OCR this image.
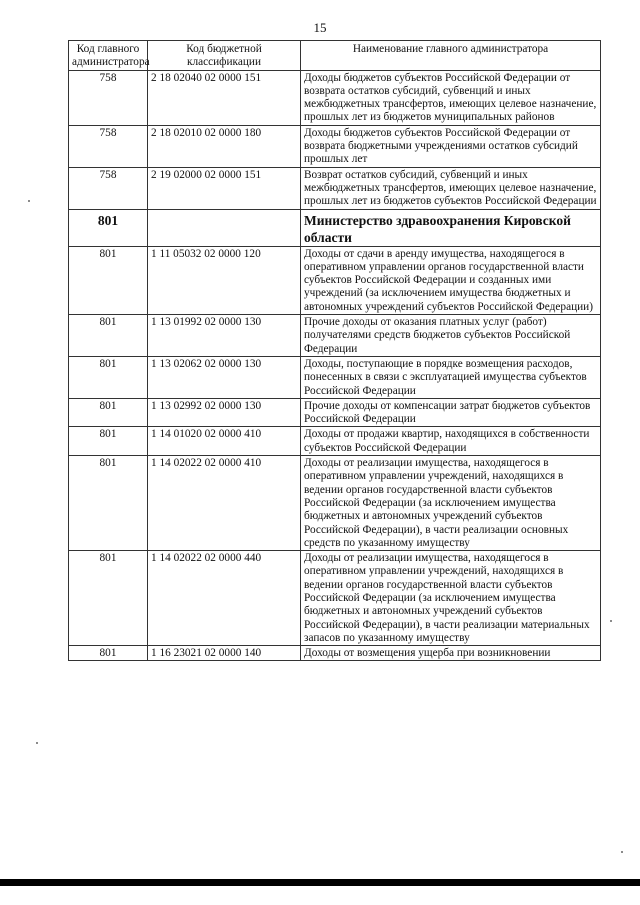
15
Код главного администратора	Код бюджетной классификации	Наименование главного администратора
758	2 18 02040 02 0000 151	Доходы бюджетов субъектов Российской Федерации от возврата остатков субсидий, субвенций и иных межбюджетных трансфертов, имеющих целевое назначение, прошлых лет из бюджетов муниципальных районов
758	2 18 02010 02 0000 180	Доходы бюджетов субъектов Российской Федерации от возврата бюджетными учреждениями остатков субсидий прошлых лет
758	2 19 02000 02 0000 151	Возврат остатков субсидий, субвенций и иных межбюджетных трансфертов, имеющих целевое назначение, прошлых лет из бюджетов субъектов Российской Федерации
801		Министерство здравоохранения Кировской области
801	1 11 05032 02 0000 120	Доходы от сдачи в аренду имущества, находящегося в оперативном управлении органов государственной власти субъектов Российской Федерации и созданных ими учреждений (за исключением имущества бюджетных и автономных учреждений субъектов Российской Федерации)
801	1 13 01992 02 0000 130	Прочие доходы от оказания платных услуг (работ) получателями средств бюджетов субъектов Российской Федерации
801	1 13 02062 02 0000 130	Доходы, поступающие в порядке возмещения расходов, понесенных в связи с эксплуатацией имущества субъектов Российской Федерации
801	1 13 02992 02 0000 130	Прочие доходы от компенсации затрат бюджетов субъектов Российской Федерации
801	1 14 01020 02 0000 410	Доходы от продажи квартир, находящихся в собственности субъектов Российской Федерации
801	1 14 02022 02 0000 410	Доходы от реализации имущества, находящегося в оперативном управлении учреждений, находящихся в ведении органов государственной власти субъектов Российской Федерации (за исключением имущества бюджетных и автономных учреждений субъектов Российской Федерации), в части реализации основных средств по указанному имуществу
801	1 14 02022 02 0000 440	Доходы от реализации имущества, находящегося в оперативном управлении учреждений, находящихся в ведении органов государственной власти субъектов Российской Федерации (за исключением имущества бюджетных и автономных учреждений субъектов Российской Федерации), в части реализации материальных запасов по указанному имуществу
801	1 16 23021 02 0000 140	Доходы от возмещения ущерба при возникновении
